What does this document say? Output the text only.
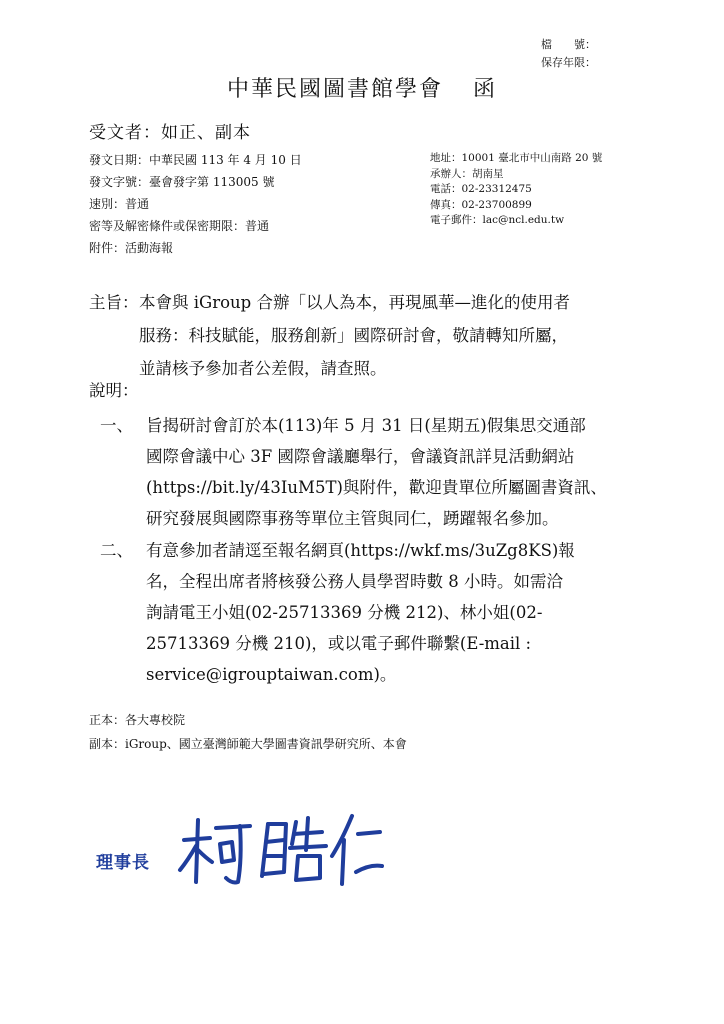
檔　　號：
保存年限：
中華民國圖書館學會 函
受文者：如正、副本
發文日期：中華民國 113 年 4 月 10 日
發文字號：臺會發字第 113005 號
速別：普通
密等及解密條件或保密期限：普通
附件：活動海報
地址：10001 臺北市中山南路 20 號
承辦人：胡南星
電話：02-23312475
傳真：02-23700899
電子郵件：lac@ncl.edu.tw
主旨：本會與 iGroup 合辦「以人為本，再現風華—進化的使用者
服務：科技賦能，服務創新」國際研討會，敬請轉知所屬，
並請核予參加者公差假，請查照。
說明：
一、 旨揭研討會訂於本(113)年 5 月 31 日(星期五)假集思交通部
國際會議中心 3F 國際會議廳舉行，會議資訊詳見活動網站
(https://bit.ly/43IuM5T)與附件，歡迎貴單位所屬圖書資訊、
研究發展與國際事務等單位主管與同仁，踴躍報名參加。
二、 有意參加者請逕至報名網頁(https://wkf.ms/3uZg8KS)報
名，全程出席者將核發公務人員學習時數 8 小時。如需洽
詢請電王小姐(02-25713369 分機 212)、林小姐(02-
25713369 分機 210)，或以電子郵件聯繫(E-mail :
service@igrouptaiwan.com)。
正本：各大專校院
副本：iGroup、國立臺灣師範大學圖書資訊學研究所、本會
理事長
